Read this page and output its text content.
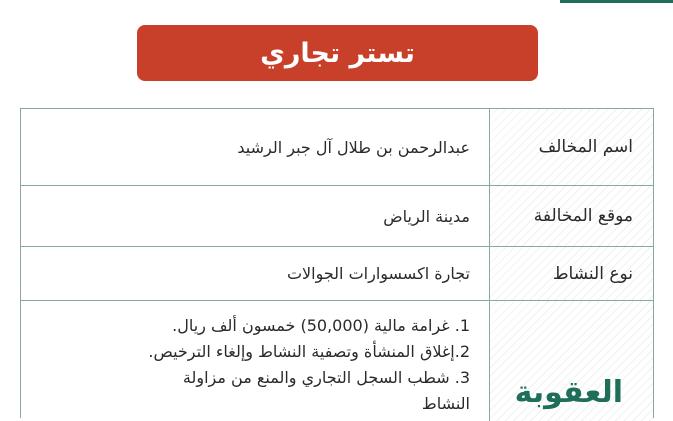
تستر تجاري
اسم المخالف
عبدالرحمن بن طلال آل جبر الرشيد
موقع المخالفة
مدينة الرياض
نوع النشاط
تجارة اكسسوارات الجوالات
العقوبة
1. غرامة مالية (50,000) خمسون ألف ريال.
2.إغلاق المنشأة وتصفية النشاط وإلغاء الترخيص.
3. شطب السجل التجاري والمنع من مزاولة
النشاط
